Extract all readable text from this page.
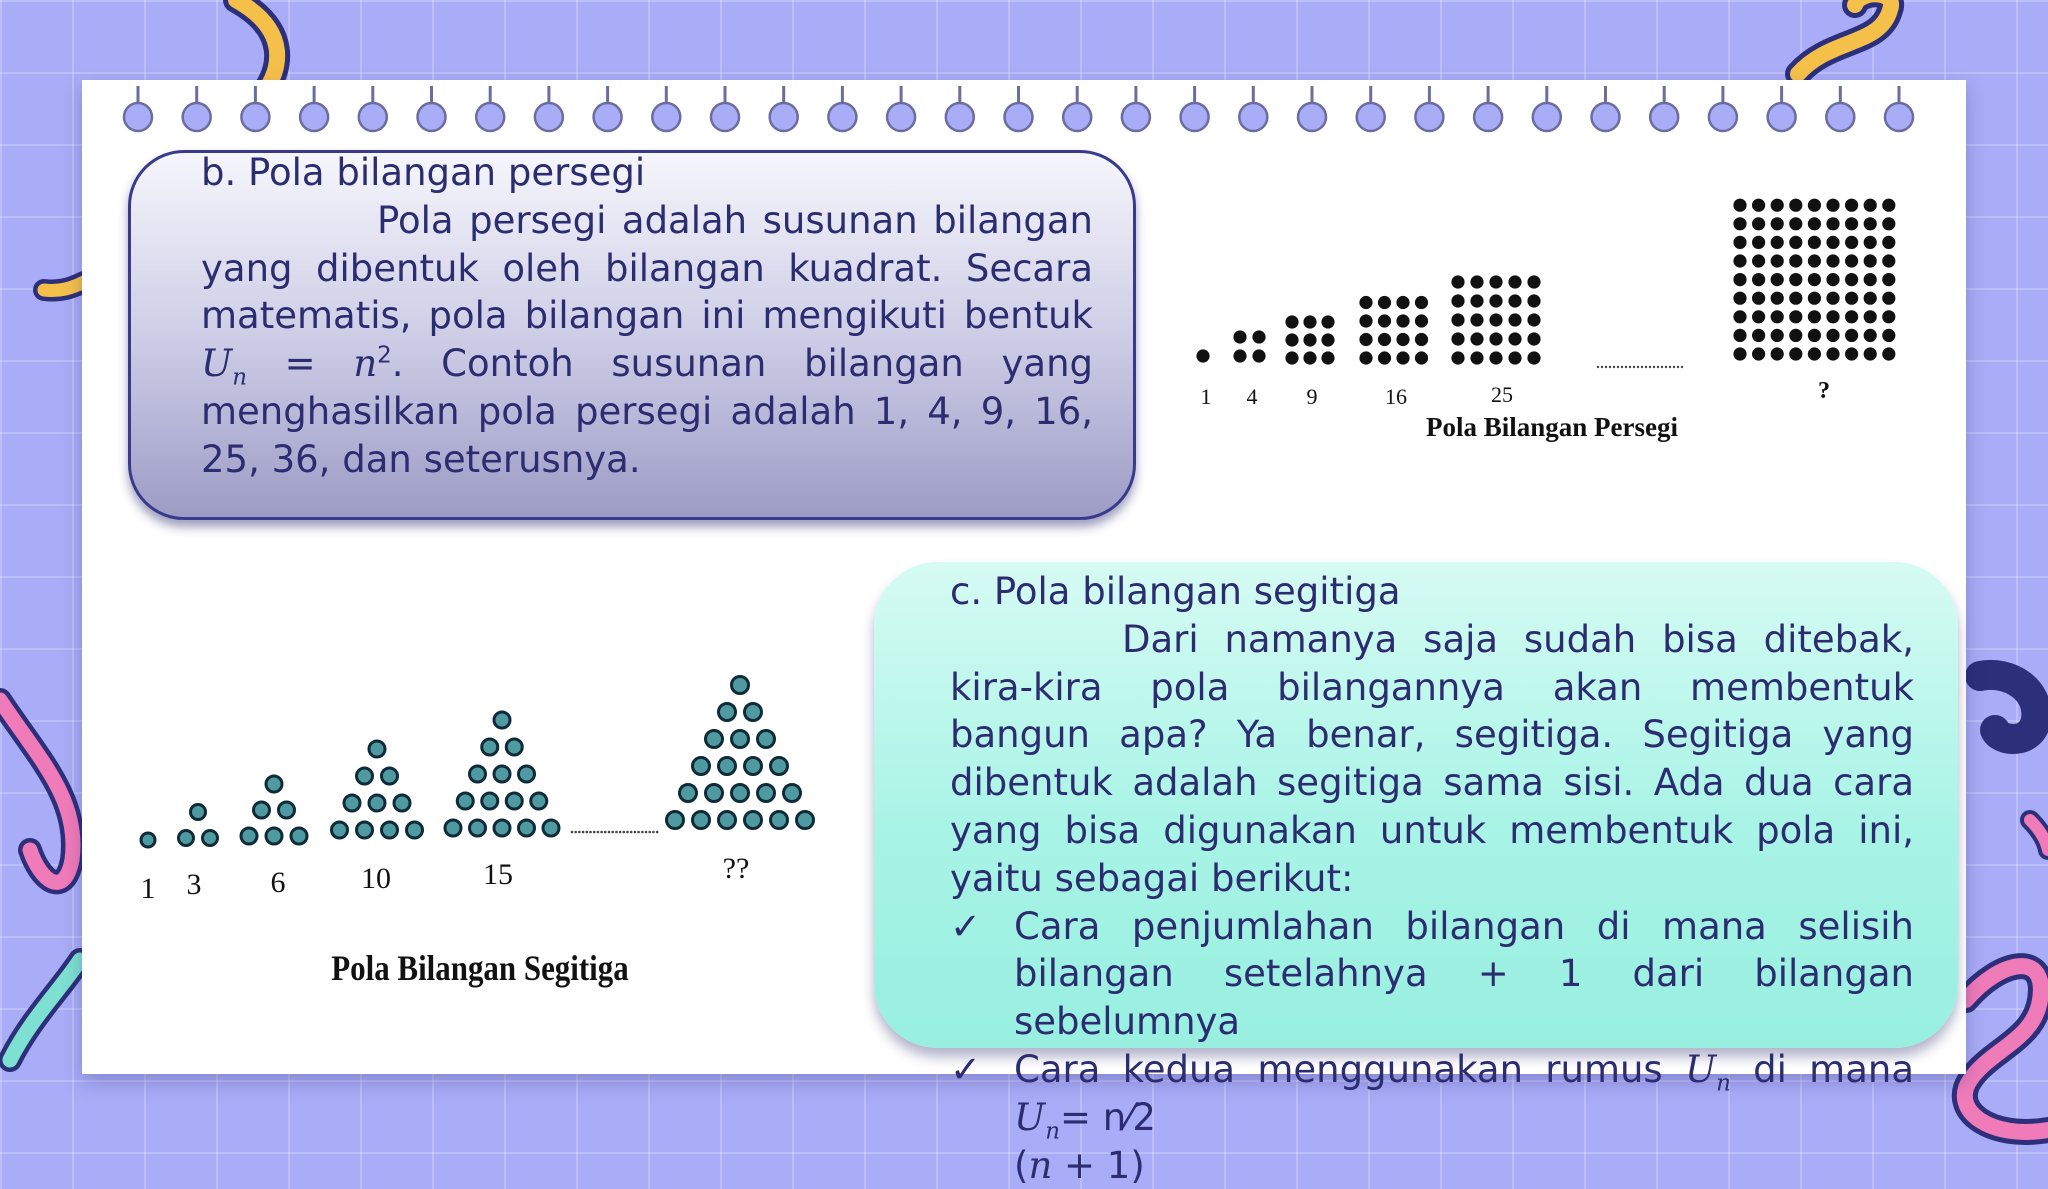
b. Pola bilangan persegi
Pola persegi adalah susunan bilangan yang dibentuk oleh bilangan kuadrat. Secara matematis, pola bilangan ini mengikuti bentuk $U_n = n^2$. Contoh susunan bilangan yang menghasilkan pola persegi adalah 1, 4, 9, 16, 25, 36, dan seterusnya.
1 4 9	16	25	?
Pola Bilangan Persegi
1 3 6	10	15	??
Pola Bilangan Segitiga
c. Pola bilangan segitiga
Dari namanya saja sudah bisa ditebak, kira-kira pola bilangannya akan membentuk bangun apa? Ya benar, segitiga. Segitiga yang dibentuk adalah segitiga sama sisi. Ada dua cara yang bisa digunakan untuk membentuk pola ini, yaitu sebagai berikut:
✓ Cara penjumlahan bilangan di mana selisih bilangan setelahnya + 1 dari bilangan sebelumnya
✓ Cara kedua menggunakan rumus $U_n$ di mana $U_n=$ n⁄2
(n + 1)
